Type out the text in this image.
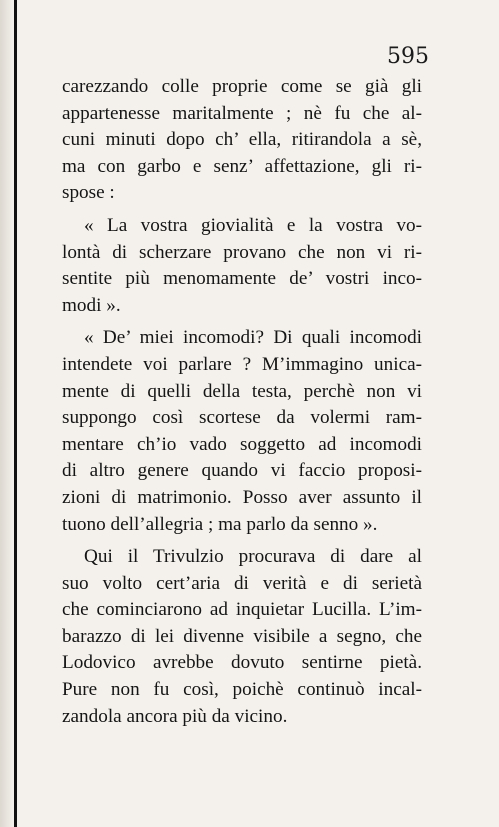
595

carezzando colle proprie come se già gli
appartenesse maritalmente ; nè fu che al-
cuni minuti dopo ch’ ella, ritirandola a sè,
ma con garbo e senz’ affettazione, gli ri-
spose :
« La vostra giovialità e la vostra vo-
lontà di scherzare provano che non vi ri-
sentite più menomamente de’ vostri inco-
modi ».
« De’ miei incomodi? Di quali incomodi
intendete voi parlare ? M’immagino unica-
mente di quelli della testa, perchè non vi
suppongo così scortese da volermi ram-
mentare ch’io vado soggetto ad incomodi
di altro genere quando vi faccio proposi-
zioni di matrimonio. Posso aver assunto il
tuono dell’allegria ; ma parlo da senno ».
Qui il Trivulzio procurava di dare al
suo volto cert’aria di verità e di serietà
che cominciarono ad inquietar Lucilla. L’im-
barazzo di lei divenne visibile a segno, che
Lodovico avrebbe dovuto sentirne pietà.
Pure non fu così, poichè continuò incal-
zandola ancora più da vicino.
